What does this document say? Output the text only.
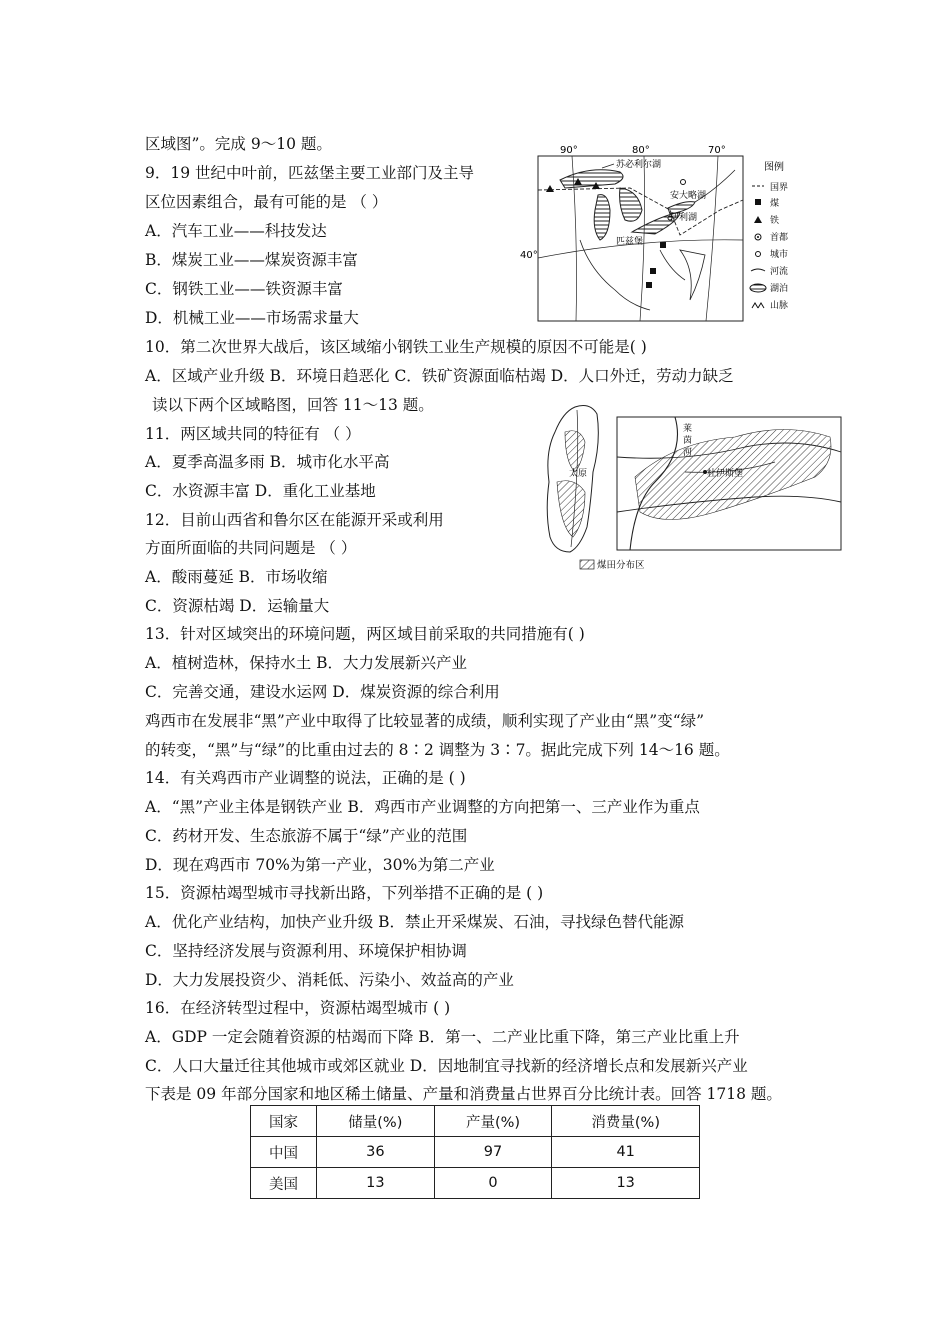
区域图”。完成 9～10 题。
9．19 世纪中叶前，匹兹堡主要工业部门及主导
区位因素组合，最有可能的是 （ ）
A．汽车工业——科技发达
B．煤炭工业——煤炭资源丰富
C．钢铁工业——铁资源丰富
D．机械工业——市场需求量大
10．第二次世界大战后，该区域缩小钢铁工业生产规模的原因不可能是( )
A．区域产业升级 B．环境日趋恶化 C．铁矿资源面临枯竭 D．人口外迁，劳动力缺乏
读以下两个区域略图，回答 11～13 题。
11．两区域共同的特征有 （ ）
A．夏季高温多雨 B．城市化水平高
C．水资源丰富 D．重化工业基地
12．目前山西省和鲁尔区在能源开采或利用
方面所面临的共同问题是 （ ）
A．酸雨蔓延 B．市场收缩
C．资源枯竭 D．运输量大
13．针对区域突出的环境问题，两区域目前采取的共同措施有( )
A．植树造林，保持水土 B．大力发展新兴产业
C．完善交通，建设水运网 D．煤炭资源的综合利用
鸡西市在发展非“黑”产业中取得了比较显著的成绩，顺利实现了产业由“黑”变“绿”
的转变，“黑”与“绿”的比重由过去的 8∶2 调整为 3∶7。据此完成下列 14～16 题。
14．有关鸡西市产业调整的说法，正确的是 ( )
A．“黑”产业主体是钢铁产业 B．鸡西市产业调整的方向把第一、三产业作为重点
C．药材开发、生态旅游不属于“绿”产业的范围
D．现在鸡西市 70%为第一产业，30%为第二产业
15．资源枯竭型城市寻找新出路，下列举措不正确的是 ( )
A．优化产业结构，加快产业升级 B．禁止开采煤炭、石油，寻找绿色替代能源
C．坚持经济发展与资源利用、环境保护相协调
D．大力发展投资少、消耗低、污染小、效益高的产业
16．在经济转型过程中，资源枯竭型城市 ( )
A．GDP 一定会随着资源的枯竭而下降 B．第一、二产业比重下降，第三产业比重上升
C．人口大量迁往其他城市或郊区就业 D．因地制宜寻找新的经济增长点和发展新兴产业
下表是 09 年部分国家和地区稀土储量、产量和消费量占世界百分比统计表。回答 1718 题。
90°	80°	70°
40°
苏必利尔湖
安大略湖
伊利湖
匹兹堡
图例
国界
煤
铁
首都
城市
河流
湖泊
山脉
太原
莱
茵
河
杜伊斯堡
煤田分布区
国家	储量(%)	产量(%)	消费量(%)
中国	36	97	41
美国	13	0	13
